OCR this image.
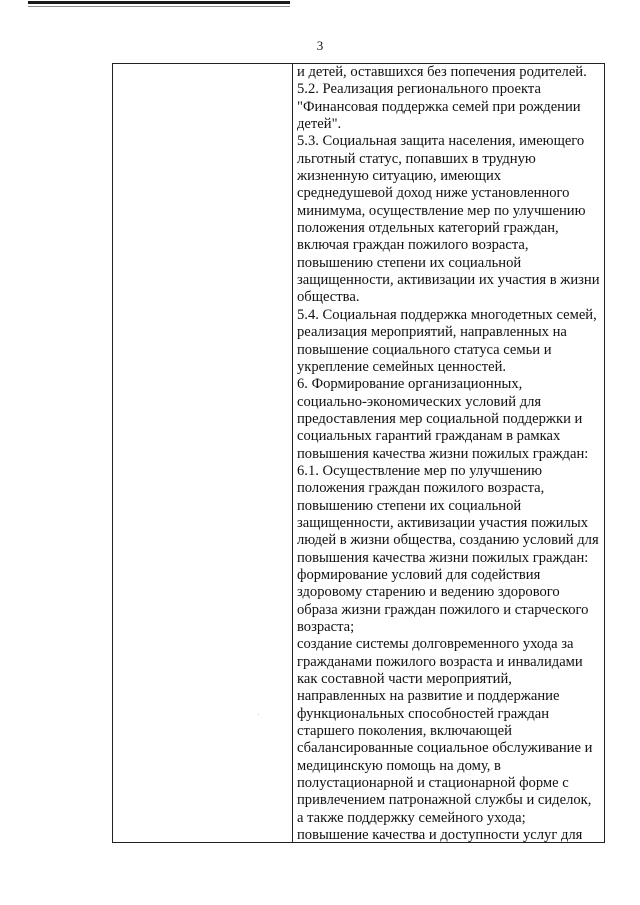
3
и детей, оставшихся без попечения родителей.
5.2. Реализация регионального проекта
"Финансовая поддержка семей при рождении
детей".
5.3. Социальная защита населения, имеющего
льготный статус, попавших в трудную
жизненную ситуацию, имеющих
среднедушевой доход ниже установленного
минимума, осуществление мер по улучшению
положения отдельных категорий граждан,
включая граждан пожилого возраста,
повышению степени их социальной
защищенности, активизации их участия в жизни
общества.
5.4. Социальная поддержка многодетных семей,
реализация мероприятий, направленных на
повышение социального статуса семьи и
укрепление семейных ценностей.
6. Формирование организационных,
социально-экономических условий для
предоставления мер социальной поддержки и
социальных гарантий гражданам в рамках
повышения качества жизни пожилых граждан:
6.1. Осуществление мер по улучшению
положения граждан пожилого возраста,
повышению степени их социальной
защищенности, активизации участия пожилых
людей в жизни общества, созданию условий для
повышения качества жизни пожилых граждан:
формирование условий для содействия
здоровому старению и ведению здорового
образа жизни граждан пожилого и старческого
возраста;
создание системы долговременного ухода за
гражданами пожилого возраста и инвалидами
как составной части мероприятий,
направленных на развитие и поддержание
функциональных способностей граждан
старшего поколения, включающей
сбалансированные социальное обслуживание и
медицинскую помощь на дому, в
полустационарной и стационарной форме с
привлечением патронажной службы и сиделок,
а также поддержку семейного ухода;
повышение качества и доступности услуг для
